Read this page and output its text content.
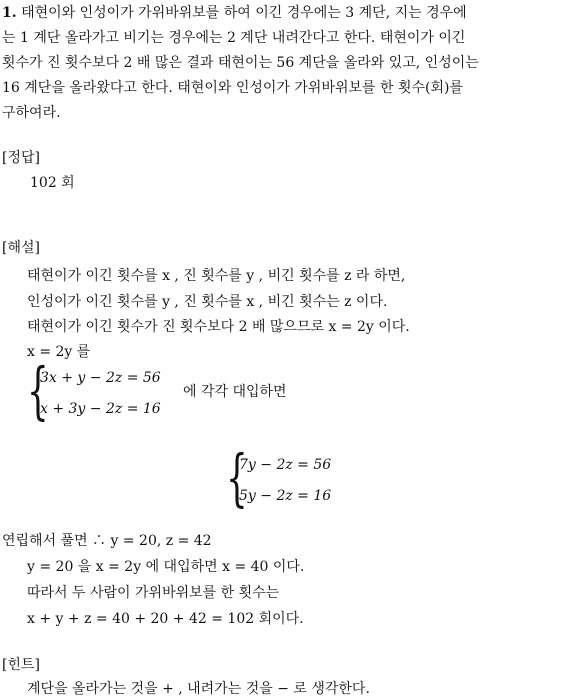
1. 태현이와 인성이가 가위바위보를 하여 이긴 경우에는 3 계단, 지는 경우에
는 1 계단 올라가고 비기는 경우에는 2 계단 내려간다고 한다. 태현이가 이긴
횟수가 진 횟수보다 2 배 많은 결과 태현이는 56 계단을 올라와 있고, 인성이는
16 계단을 올라왔다고 한다. 태현이와 인성이가 가위바위보를 한 횟수(회)를
구하여라.
[정답]
102 회
[해설]
태현이가 이긴 횟수를 x , 진 횟수를 y , 비긴 횟수를 z 라 하면,
인성이가 이긴 횟수를 y , 진 횟수를 x , 비긴 횟수는 z 이다.
태현이가 이긴 횟수가 진 횟수보다 2 배 많으므로 x = 2y 이다.
x = 2y 를
{
3x + y − 2z = 56
x + 3y − 2z = 16
에 각각 대입하면
{
7y − 2z = 56
5y − 2z = 16
연립해서 풀면 ∴ y = 20, z = 42
y = 20 을 x = 2y 에 대입하면 x = 40 이다.
따라서 두 사람이 가위바위보를 한 횟수는
x + y + z = 40 + 20 + 42 = 102 회이다.
[힌트]
계단을 올라가는 것을 + , 내려가는 것을 − 로 생각한다.
